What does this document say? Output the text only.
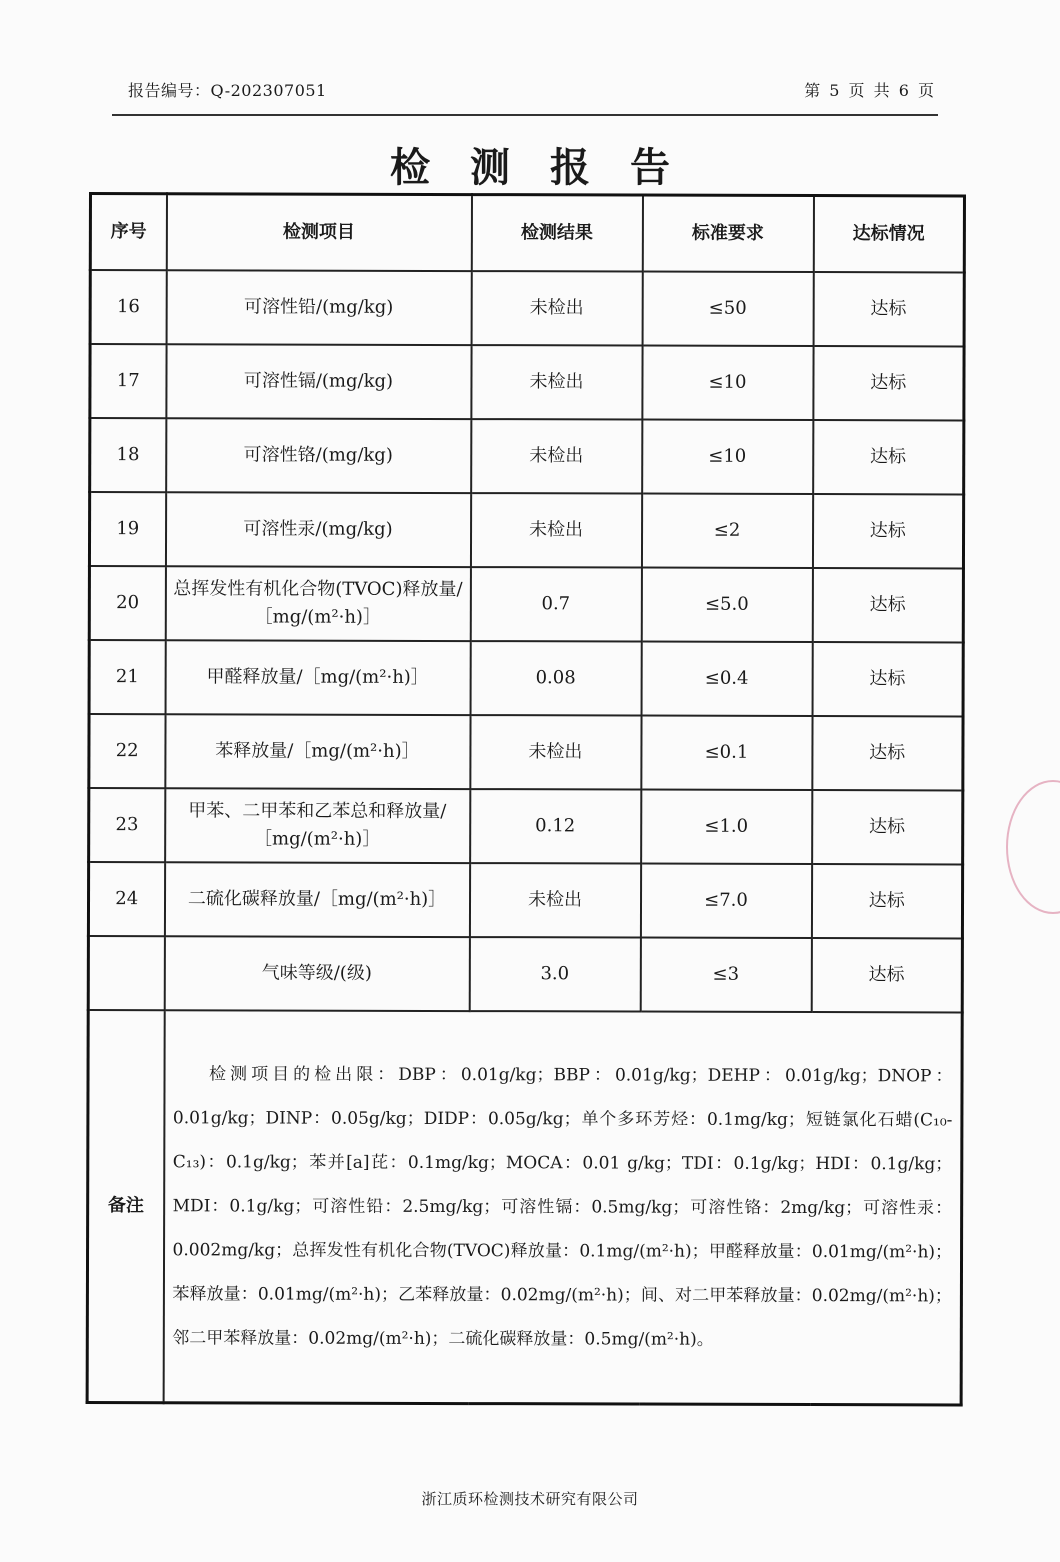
报告编号：Q-202307051	第 5 页 共 6 页
检测报告
序号	检测项目	检测结果	标准要求	达标情况
16	可溶性铅/(mg/kg)	未检出	≤50	达标
17	可溶性镉/(mg/kg)	未检出	≤10	达标
18	可溶性铬/(mg/kg)	未检出	≤10	达标
19	可溶性汞/(mg/kg)	未检出	≤2	达标
20	总挥发性有机化合物(TVOC)释放量/［mg/(m²·h)］	0.7	≤5.0	达标
21	甲醛释放量/［mg/(m²·h)］	0.08	≤0.4	达标
22	苯释放量/［mg/(m²·h)］	未检出	≤0.1	达标
23	甲苯、二甲苯和乙苯总和释放量/［mg/(m²·h)］	0.12	≤1.0	达标
24	二硫化碳释放量/［mg/(m²·h)］	未检出	≤7.0	达标
	气味等级/(级)	3.0	≤3	达标
备注	检测项目的检出限：DBP：0.01g/kg；BBP：0.01g/kg；DEHP：0.01g/kg；DNOP：0.01g/kg；DINP：0.05g/kg；DIDP：0.05g/kg；单个多环芳烃：0.1mg/kg；短链氯化石蜡(C₁₀-C₁₃)：0.1g/kg；苯并[a]芘：0.1mg/kg；MOCA：0.01 g/kg；TDI：0.1g/kg；HDI：0.1g/kg；MDI：0.1g/kg；可溶性铅：2.5mg/kg；可溶性镉：0.5mg/kg；可溶性铬：2mg/kg；可溶性汞：0.002mg/kg；总挥发性有机化合物(TVOC)释放量：0.1mg/(m²·h)；甲醛释放量：0.01mg/(m²·h)；苯释放量：0.01mg/(m²·h)；乙苯释放量：0.02mg/(m²·h)；间、对二甲苯释放量：0.02mg/(m²·h)；邻二甲苯释放量：0.02mg/(m²·h)；二硫化碳释放量：0.5mg/(m²·h)。			
浙江质环检测技术研究有限公司
